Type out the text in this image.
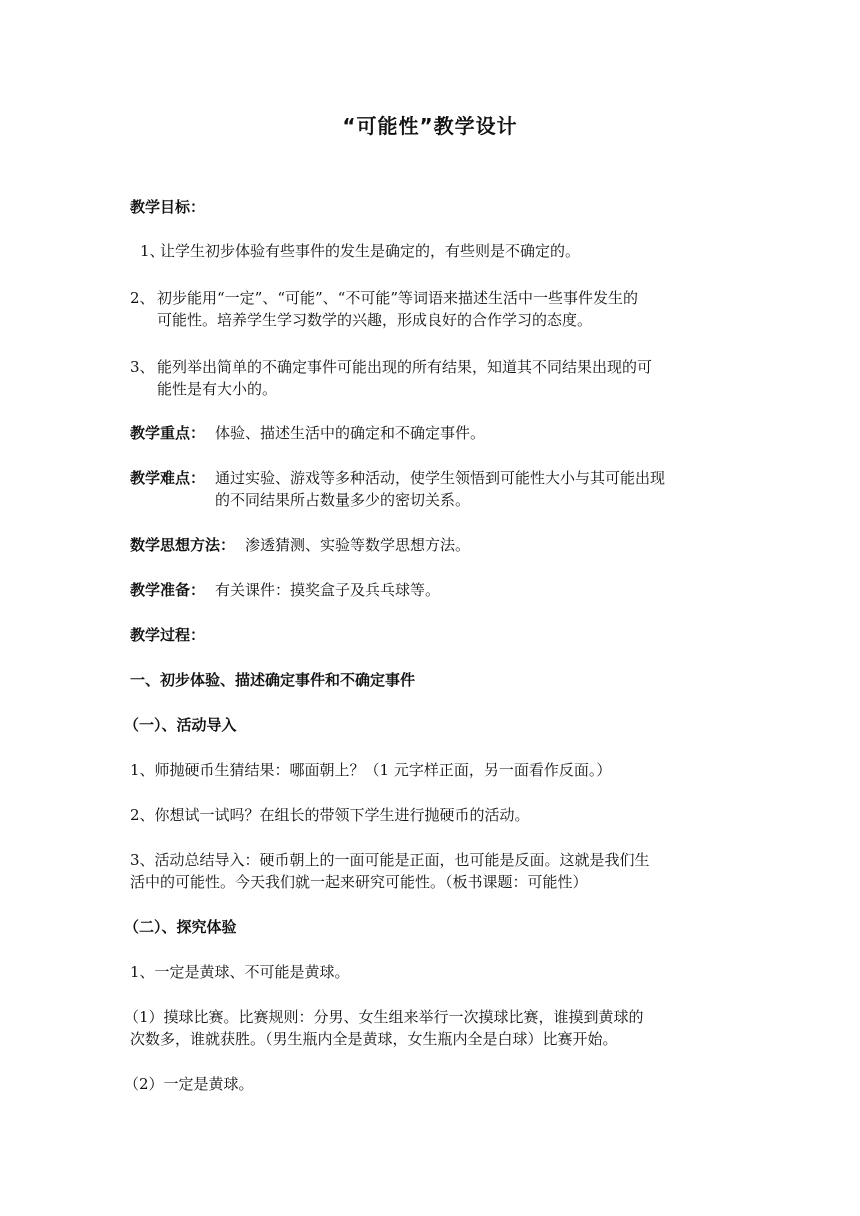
“可能性”教学设计
教学目标：
1、
让学生初步体验有些事件的发生是确定的，有些则是不确定的。
2、 初步能用“一定”、“可能”、“不可能”等词语来描述生活中一些事件发生的
可能性。培养学生学习数学的兴趣，形成良好的合作学习的态度。
3、 能列举出简单的不确定事件可能出现的所有结果，知道其不同结果出现的可
能性是有大小的。
教学重点： 体验、描述生活中的确定和不确定事件。
教学难点： 通过实验、游戏等多种活动，使学生领悟到可能性大小与其可能出现
的不同结果所占数量多少的密切关系。
数学思想方法： 渗透猜测、实验等数学思想方法。
教学准备： 有关课件：摸奖盒子及兵乓球等。
教学过程：
一、初步体验、描述确定事件和不确定事件
（一）、活动导入
1、师抛硬币生猜结果：哪面朝上？（1 元字样正面，另一面看作反面。）
2、你想试一试吗？在组长的带领下学生进行抛硬币的活动。
3、活动总结导入：硬币朝上的一面可能是正面，也可能是反面。这就是我们生
活中的可能性。今天我们就一起来研究可能性。（板书课题：可能性）
（二）、探究体验
1、一定是黄球、不可能是黄球。
（1）摸球比赛。比赛规则：分男、女生组来举行一次摸球比赛，谁摸到黄球的
次数多，谁就获胜。（男生瓶内全是黄球，女生瓶内全是白球）比赛开始。
（2）一定是黄球。
